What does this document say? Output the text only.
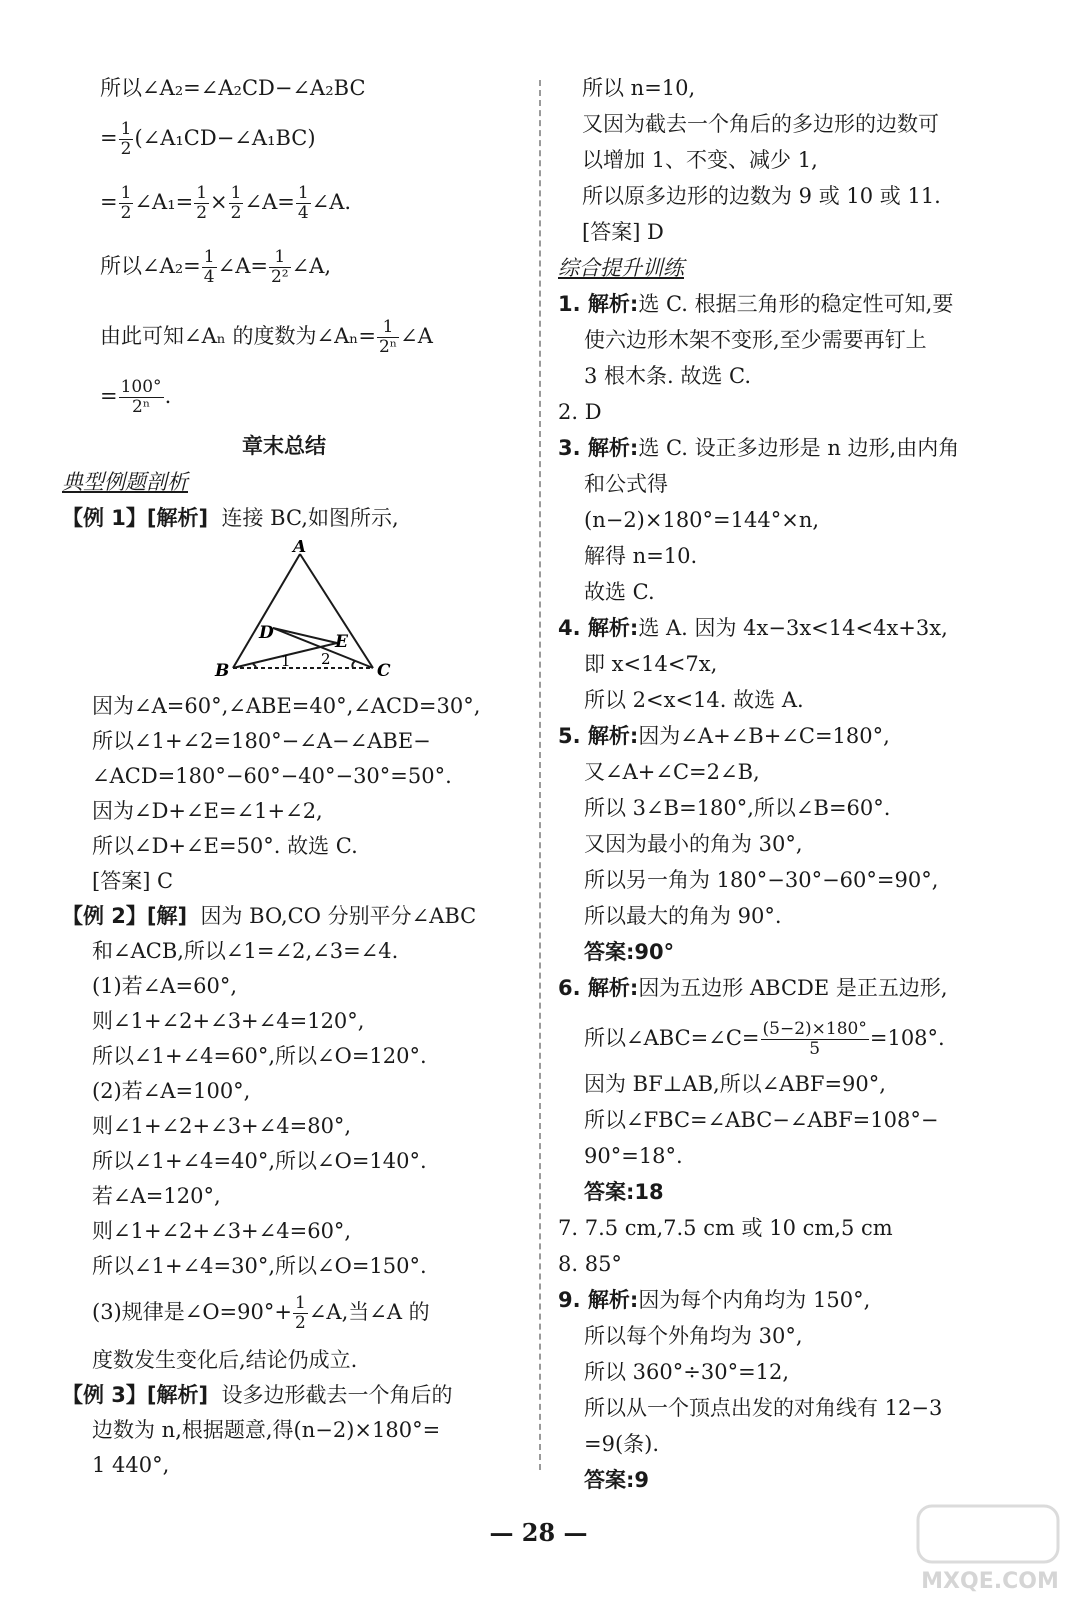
所以∠A₂=∠A₂CD−∠A₂BC
= $\frac{1}{2}$ (∠A₁CD−∠A₁BC)
= $\frac{1}{2}$ ∠A₁= $\frac{1}{2} \times \frac{1}{2}$ ∠A= $\frac{1}{4}$ ∠A.
所以∠A₂= $\frac{1}{4}$ ∠A= $\frac{1}{\text{2²}}$ ∠A,
由此可知∠Aₙ 的度数为∠Aₙ= $\frac{1}{\text{2ⁿ}}$ ∠A
= $\frac{100^\circ}{\text{2ⁿ}}$ .
章末总结
典型例题剖析
【例 1】[解析] 连接 BC,如图所示,
A
B	C
D	E
1 2
因为∠A=60°,∠ABE=40°,∠ACD=30°,
所以∠1+∠2=180°−∠A−∠ABE−
∠ACD=180°−60°−40°−30°=50°.
因为∠D+∠E=∠1+∠2,
所以∠D+∠E=50°. 故选 C.
[答案] C
【例 2】[解] 因为 BO,CO 分别平分∠ABC
和∠ACB,所以∠1=∠2,∠3=∠4.
(1)若∠A=60°,
则∠1+∠2+∠3+∠4=120°,
所以∠1+∠4=60°,所以∠O=120°.
(2)若∠A=100°,
则∠1+∠2+∠3+∠4=80°,
所以∠1+∠4=40°,所以∠O=140°.
若∠A=120°,
则∠1+∠2+∠3+∠4=60°,
所以∠1+∠4=30°,所以∠O=150°.
(3)规律是∠O=90°+ $\frac{1}{2}$ ∠A,当∠A 的
度数发生变化后,结论仍成立.
【例 3】[解析] 设多边形截去一个角后的
边数为 n,根据题意,得(n−2)×180°=
1 440°,
所以 n=10,
又因为截去一个角后的多边形的边数可
以增加 1、不变、减少 1,
所以原多边形的边数为 9 或 10 或 11.
[答案] D
综合提升训练
1. 解析:选 C. 根据三角形的稳定性可知,要
使六边形木架不变形,至少需要再钉上
3 根木条. 故选 C.
2. D
3. 解析:选 C. 设正多边形是 n 边形,由内角
和公式得
(n−2)×180°=144°×n,
解得 n=10.
故选 C.
4. 解析:选 A. 因为 4x−3x<14<4x+3x,
即 x<14<7x,
所以 2<x<14. 故选 A.
5. 解析:因为∠A+∠B+∠C=180°,
又∠A+∠C=2∠B,
所以 3∠B=180°,所以∠B=60°.
又因为最小的角为 30°,
所以另一角为 180°−30°−60°=90°,
所以最大的角为 90°.
答案:90°
6. 解析:因为五边形 ABCDE 是正五边形,
所以∠ABC=∠C= $\frac{(5-2)\times 180^\circ}{5} =108^\circ$.
因为 BF⊥AB,所以∠ABF=90°,
所以∠FBC=∠ABC−∠ABF=108°−
90°=18°.
答案:18
7. 7.5 cm,7.5 cm 或 10 cm,5 cm
8. 85°
9. 解析:因为每个内角均为 150°,
所以每个外角均为 30°,
所以 360°÷30°=12,
所以从一个顶点出发的对角线有 12−3
=9(条).
答案:9
— 28 —
MXQE.COM
